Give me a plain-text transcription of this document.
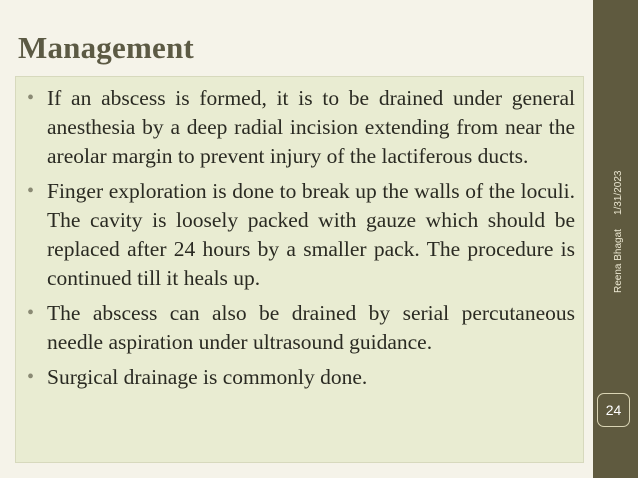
Management
• If an abscess is formed, it is to be drained under general anesthesia by a deep radial incision extending from near the areolar margin to prevent injury of the lactiferous ducts.
• Finger exploration is done to break up the walls of the loculi. The cavity is loosely packed with gauze which should be replaced after 24 hours by a smaller pack. The procedure is continued till it heals up.
• The abscess can also be drained by serial percutaneous needle aspiration under ultrasound guidance.
• Surgical drainage is commonly done.
Reena Bhagat1/31/2023
24
